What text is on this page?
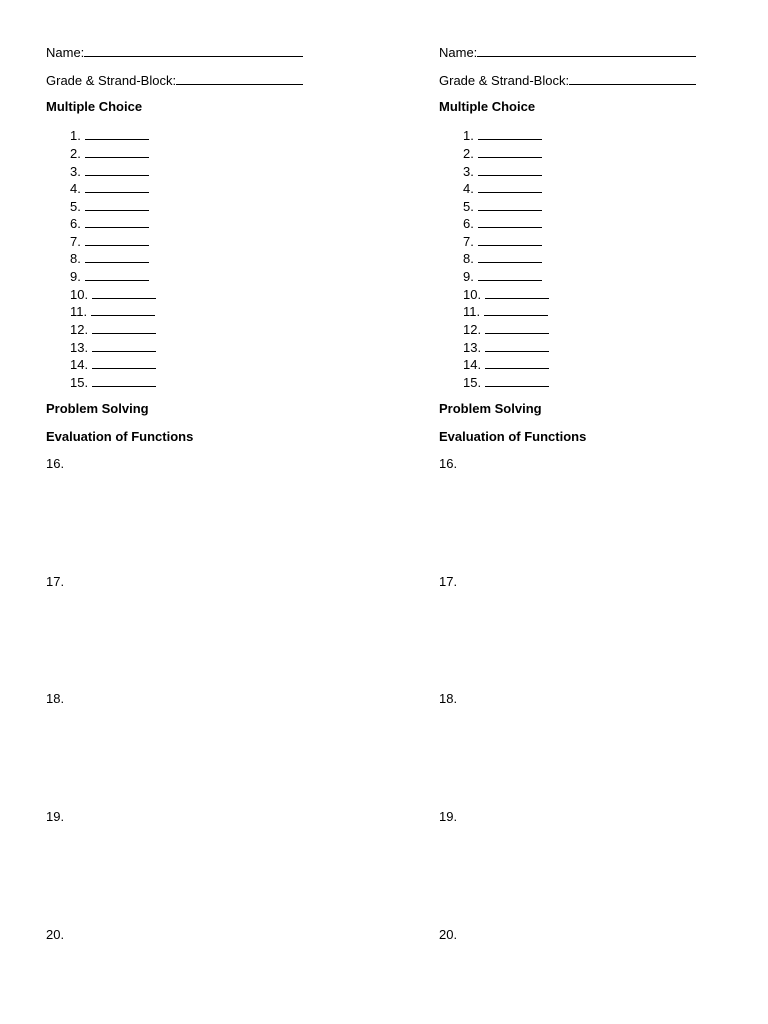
Name:
Grade & Strand-Block:
Multiple Choice
1.
2.
3.
4.
5.
6.
7.
8.
9.
10.
11.
12.
13.
14.
15.
Problem Solving
Evaluation of Functions
16.
17.
18.
19.
20.
Name:
Grade & Strand-Block:
Multiple Choice
1.
2.
3.
4.
5.
6.
7.
8.
9.
10.
11.
12.
13.
14.
15.
Problem Solving
Evaluation of Functions
16.
17.
18.
19.
20.
